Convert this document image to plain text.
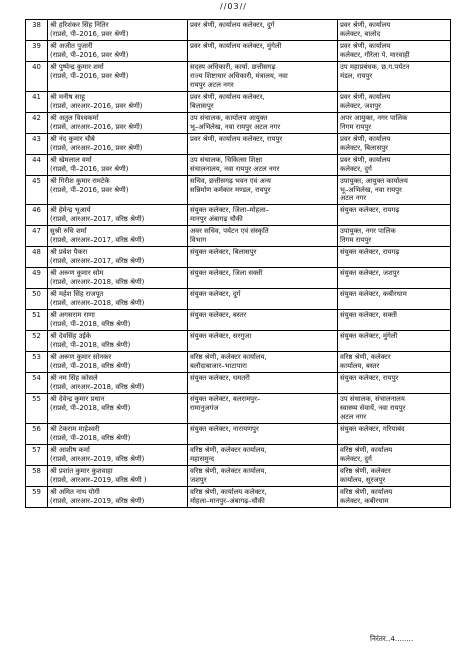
//03//
38	श्री हरिशंकर सिंह नितिर
(राप्रसे, पी–2016, प्रवर श्रेणी)	प्रवर श्रेणी, कार्यालय कलेक्टर, दुर्ग	प्रवर श्रेणी, कार्यालय
कलेक्टर, बालोद

39	श्री अजीत पुजारी
(राप्रसे, पी–2016, प्रवर श्रेणी)	प्रवर श्रेणी, कार्यालय कलेक्टर, मुंगेली	प्रवर श्रेणी, कार्यालय
कलेक्टर, गौरेला पे. मारवाही

40	श्री पुष्पेन्द्र कुमार शर्मा
(राप्रसे, पी–2016, प्रवर श्रेणी)	सदस्य अधिकारी, कार्या. छत्तीसगढ़
राज्य शिष्टाचार अधिकारी, मंत्रालय, नवा
रायपुर अटल नगर	उप महाप्रबंधक, छ.ग.पर्यटन
मंडल, रायपुर

41	श्री मनीष साहू
(राप्रसे, आरआर–2016, प्रवर श्रेणी)	प्रवर श्रेणी, कार्यालय कलेक्टर,
बिलासपुर	प्रवर श्रेणी, कार्यालय
कलेक्टर, जशपुर

42	श्री अतुल विश्वकर्मा
(राप्रसे, आरआर–2016, प्रवर श्रेणी)	उप संचालक, कार्यालय आयुक्त
भू–अभिलेख, नवा रायपुर अटल नगर	अपर आयुक्त, नगर पालिक
निगम रायपुर

43	श्री नंद कुमार चौबे
(राप्रसे, आरआर–2016, प्रवर श्रेणी)	प्रवर श्रेणी, कार्यालय कलेक्टर, रायपुर	प्रवर श्रेणी, कार्यालय
कलेक्टर, बिलासपुर

44	श्री खेमलाल वर्मा
(राप्रसे, पी–2016, प्रवर श्रेणी)	उप संचालक, चिकित्सा शिक्षा
संचालनालय, नवा रायपुर अटल नगर	प्रवर श्रेणी, कार्यालय
कलेक्टर, दुर्ग

45	श्री गिरीश कुमार रामटेके
(राप्रसे, पी–2016, प्रवर श्रेणी)	सचिव, छत्तीसगढ़ भवन एवं अन्य
सन्निर्माण कर्मकार मण्डल, रायपुर	उपायुक्त, आयुक्त कार्यालय
भू–अभिलेख, नवा रायपुर
अटल नगर

46	श्री हेमेन्द्र भूआर्य
(राप्रसे, आरआर–2017, वरिष्ठ श्रेणी)	संयुक्त कलेक्टर, जिला–मोहला–
मानपुर अंबागढ़ चौकी	संयुक्त कलेक्टर, रायगढ़

47	सुश्री रुचि शर्मा
(राप्रसे, आरआर–2017, वरिष्ठ श्रेणी)	अवर सचिव, पर्यटन एवं संस्कृति
विभाग	उपायुक्त, नगर पालिक
निगम रायपुर

48	श्री प्रवेश पैकरा
(राप्रसे, आरआर–2017, वरिष्ठ श्रेणी)	संयुक्त कलेक्टर, बिलासपुर	संयुक्त कलेक्टर, रायगढ़

49	श्री अरूण कुमार सोम
(राप्रसे, आरआर–2018, वरिष्ठ श्रेणी)	संयुक्त कलेक्टर, जिला सक्ती	संयुक्त कलेक्टर, जशपुर

50	श्री महेश सिंह राजपूत
(राप्रसे, आरआर–2018, वरिष्ठ श्रेणी)	संयुक्त कलेक्टर, दुर्ग	संयुक्त कलेक्टर, कबीरधाम

51	श्री अगसराम राणा
(राप्रसे, पी–2018, वरिष्ठ श्रेणी)	संयुक्त कलेक्टर, बस्तर	संयुक्त कलेक्टर, सक्ती

52	श्री देवसिंह उईके
(राप्रसे, पी–2018, वरिष्ठ श्रेणी)	संयुक्त कलेक्टर, सरगुजा	संयुक्त कलेक्टर, मुंगेली

53	श्री अरूण कुमार सोनकर
(राप्रसे, पी–2018, वरिष्ठ श्रेणी)	वरिष्ठ श्रेणी, कलेक्टर कार्यालय,
बलौदाबाजार–भाटापारा	वरिष्ठ श्रेणी, कलेक्टर
कार्यालय, बस्तर

54	श्री नम सिंह कोसले
(राप्रसे, आरआर–2018, वरिष्ठ श्रेणी)	संयुक्त कलेक्टर, धमतरी	संयुक्त कलेक्टर, रायपुर

55	श्री देवेन्द्र कुमार प्रधान
(राप्रसे, पी–2018, वरिष्ठ श्रेणी)	संयुक्त कलेक्टर, बलरामपुर–
रामानुजगंज	उप संचालक, संचालनालय
स्वास्थ्य सेवायें, नवा रायपुर
अटल नगर

56	श्री टेकराम माहेश्वरी
(राप्रसे, पी–2018, वरिष्ठ श्रेणी)	संयुक्त कलेक्टर, नारायणपुर	संयुक्त कलेक्टर, गरियाबंद

57	श्री आशीष कर्मा
(राप्रसे, आरआर–2019, वरिष्ठ श्रेणी)	वरिष्ठ श्रेणी, कलेक्टर कार्यालय,
महासमुन्द	वरिष्ठ श्रेणी, कार्यालय
कलेक्टर, दुर्ग

58	श्री प्रशांत कुमार कुशवाहा
(राप्रसे, आरआर–2019, वरिष्ठ श्रेणी )	वरिष्ठ श्रेणी, कलेक्टर कार्यालय,
जशपुर	वरिष्ठ श्रेणी, कलेक्टर
कार्यालय, सूरजपुर

59	श्री अमित नाथ योगी
(राप्रसे, आरआर–2019, वरिष्ठ श्रेणी)	वरिष्ठ श्रेणी, कार्यालय कलेक्टर,
मोहला–मानपुर–अंबागढ़–चौकी	वरिष्ठ श्रेणी, कार्यालय
कलेक्टर, कबीरधाम
निरंतर..4........
